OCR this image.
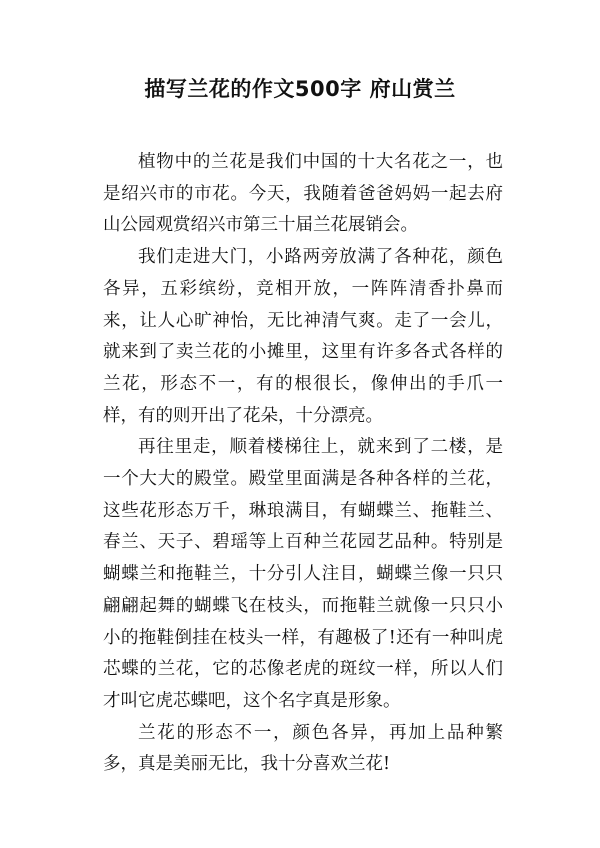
描写兰花的作文500字 府山赏兰

植物中的兰花是我们中国的十大名花之一，也是绍兴市的市花。今天，我随着爸爸妈妈一起去府山公园观赏绍兴市第三十届兰花展销会。

我们走进大门，小路两旁放满了各种花，颜色各异，五彩缤纷，竞相开放，一阵阵清香扑鼻而来，让人心旷神怡，无比神清气爽。走了一会儿，就来到了卖兰花的小摊里，这里有许多各式各样的兰花，形态不一，有的根很长，像伸出的手爪一样，有的则开出了花朵，十分漂亮。

再往里走，顺着楼梯往上，就来到了二楼，是一个大大的殿堂。殿堂里面满是各种各样的兰花，这些花形态万千，琳琅满目，有蝴蝶兰、拖鞋兰、春兰、天子、碧瑶等上百种兰花园艺品种。特别是蝴蝶兰和拖鞋兰，十分引人注目，蝴蝶兰像一只只翩翩起舞的蝴蝶飞在枝头，而拖鞋兰就像一只只小小的拖鞋倒挂在枝头一样，有趣极了!还有一种叫虎芯蝶的兰花，它的芯像老虎的斑纹一样，所以人们才叫它虎芯蝶吧，这个名字真是形象。

兰花的形态不一，颜色各异，再加上品种繁多，真是美丽无比，我十分喜欢兰花!
